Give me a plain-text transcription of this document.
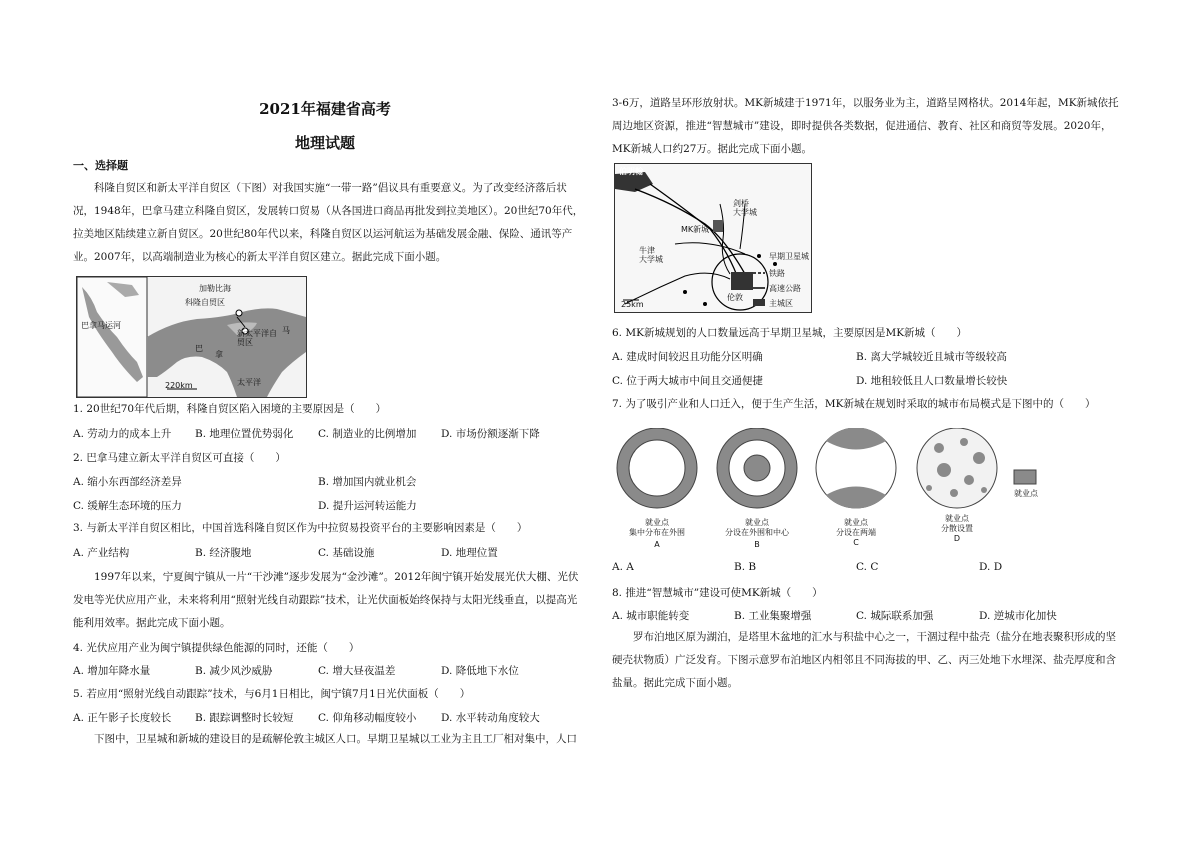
2021年福建省高考
地理试题
一、选择题
科隆自贸区和新太平洋自贸区（下图）对我国实施“一带一路”倡议具有重要意义。为了改变经济落后状况，1948年，巴拿马建立科隆自贸区，发展转口贸易（从各国进口商品再批发到拉美地区）。20世纪70年代，拉美地区陆续建立新自贸区。20世纪80年代以来，科隆自贸区以运河航运为基础发展金融、保险、通讯等产业。2007年，以高端制造业为核心的新太平洋自贸区建立。据此完成下面小题。
加勒比海
科隆自贸区
新太平洋自贸区
巴拿马运河
太平洋
巴
拿
马
220km
1. 20世纪70年代后期，科隆自贸区陷入困境的主要原因是（　　）
A. 劳动力的成本上升 B. 地理位置优势弱化 C. 制造业的比例增加 D. 市场份额逐渐下降
2. 巴拿马建立新太平洋自贸区可直接（　　）
A. 缩小东西部经济差异	B. 增加国内就业机会
C. 缓解生态环境的压力	D. 提升运河转运能力
3. 与新太平洋自贸区相比，中国首选科隆自贸区作为中拉贸易投资平台的主要影响因素是（　　）
A. 产业结构	B. 经济腹地	C. 基础设施	D. 地理位置
1997年以来，宁夏闽宁镇从一片“干沙滩”逐步发展为“金沙滩”。2012年闽宁镇开始发展光伏大棚、光伏发电等光伏应用产业，未来将利用“照射光线自动跟踪”技术，让光伏面板始终保持与太阳光线垂直，以提高光能利用效率。据此完成下面小题。
4. 光伏应用产业为闽宁镇提供绿色能源的同时，还能（　　）
A. 增加年降水量	B. 减少风沙威胁	C. 增大昼夜温差	D. 降低地下水位
5. 若应用“照射光线自动跟踪”技术，与6月1日相比，闽宁镇7月1日光伏面板（　　）
A. 正午影子长度较长 B. 跟踪调整时长较短 C. 仰角移动幅度较小 D. 水平转动角度较大
下图中，卫星城和新城的建设目的是疏解伦敦主城区人口。早期卫星城以工业为主且工厂相对集中，人口
3-6万，道路呈环形放射状。MK新城建于1971年，以服务业为主，道路呈网格状。2014年起，MK新城依托周边地区资源，推进“智慧城市”建设，即时提供各类数据，促进通信、教育、社区和商贸等发展。2020年，MK新城人口约27万。据此完成下面小题。
伯明翰
剑桥
大学城
MK新城
牛津
大学城
伦敦
25km
早期卫星城
铁路
高速公路
主城区
6. MK新城规划的人口数量远高于早期卫星城，主要原因是MK新城（　　）
A. 建成时间较迟且功能分区明确	B. 离大学城较近且城市等级较高
C. 位于两大城市中间且交通便捷	D. 地租较低且人口数量增长较快
7. 为了吸引产业和人口迁入，便于生产生活，MK新城在规划时采取的城市布局模式是下图中的（　　）
就业点
就业点
集中分布在外围
就业点
分设在外围和中心
就业点
分设在两端
就业点
分散设置
A	B	C	D
A. A	B. B	C. C	D. D
8. 推进“智慧城市”建设可使MK新城（　　）
A. 城市职能转变	B. 工业集聚增强	C. 城际联系加强	D. 逆城市化加快
罗布泊地区原为湖泊，是塔里木盆地的汇水与积盐中心之一，干涸过程中盐壳（盐分在地表聚积形成的坚硬壳状物质）广泛发育。下图示意罗布泊地区内相邻且不同海拔的甲、乙、丙三处地下水埋深、盐壳厚度和含盐量。据此完成下面小题。
